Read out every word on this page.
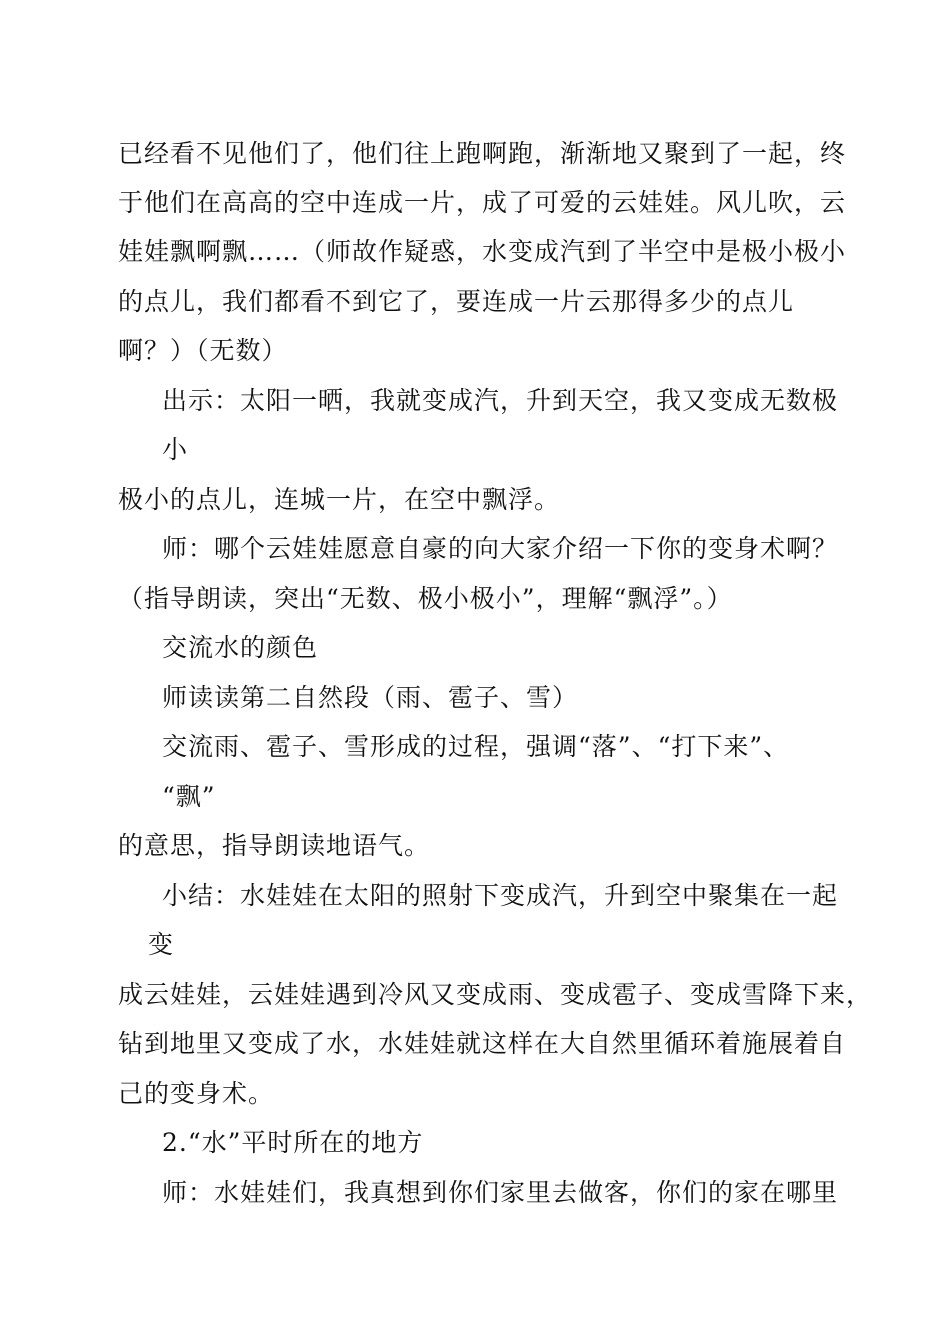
已经看不见他们了，他们往上跑啊跑，渐渐地又聚到了一起，终
于他们在高高的空中连成一片，成了可爱的云娃娃。风儿吹，云
娃娃飘啊飘……（师故作疑惑，水变成汽到了半空中是极小极小
的点儿，我们都看不到它了，要连成一片云那得多少的点儿
啊？）（无数）
出示：太阳一晒，我就变成汽，升到天空，我又变成无数极
小
极小的点儿，连城一片，在空中飘浮。
师：哪个云娃娃愿意自豪的向大家介绍一下你的变身术啊？
（指导朗读，突出“无数、极小极小”，理解“飘浮”。）
交流水的颜色
师读读第二自然段（雨、雹子、雪）
交流雨、雹子、雪形成的过程，强调“落”、“打下来”、
“飘”
的意思，指导朗读地语气。
小结：水娃娃在太阳的照射下变成汽，升到空中聚集在一起
变
成云娃娃，云娃娃遇到冷风又变成雨、变成雹子、变成雪降下来，
钻到地里又变成了水，水娃娃就这样在大自然里循环着施展着自
己的变身术。
2.“水”平时所在的地方
师：水娃娃们，我真想到你们家里去做客，你们的家在哪里
